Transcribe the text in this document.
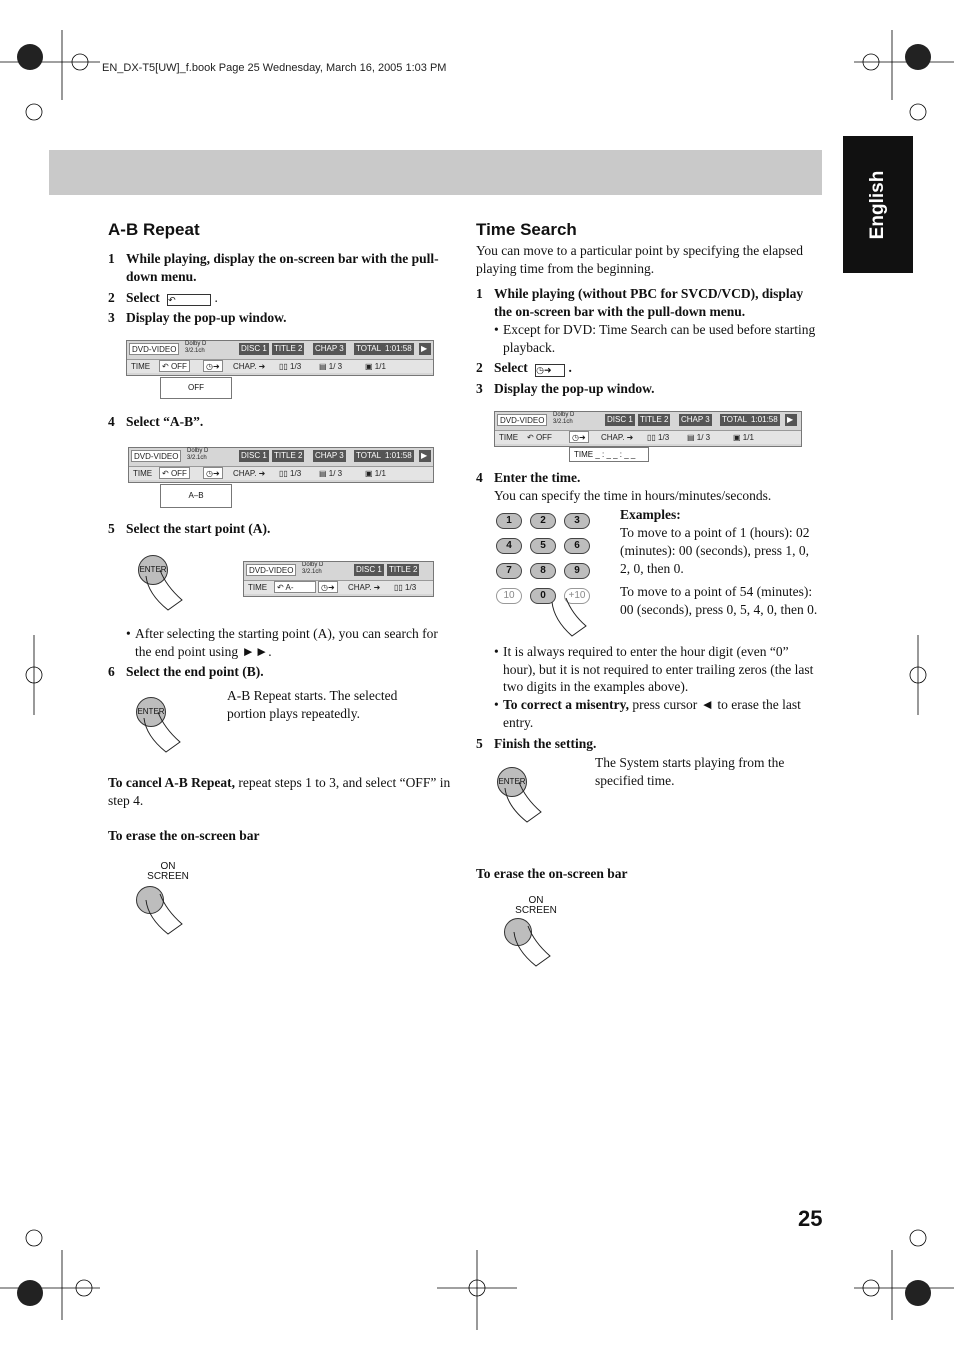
EN_DX-T5[UW]_f.book Page 25 Wednesday, March 16, 2005 1:03 PM
English
A-B Repeat
1 While playing, display the on-screen bar with the pull-down menu.
2 Select ↶	.
3 Display the pop-up window.
DVD-VIDEO
Dolby D 3/2.1ch	DISC 1 TITLE 2 CHAP 3 TOTAL 1:01:58 ▶
TIME	↶ OFF	◷➜	CHAP. ➜ ▯▯ 1/3 ▤ 1/ 3	▣ 1/1
OFF
4 Select “A-B”.
DVD-VIDEO
Dolby D 3/2.1ch	DISC 1 TITLE 2 CHAP 3 TOTAL 1:01:58 ▶
TIME	↶ OFF	◷➜	CHAP. ➜ ▯▯ 1/3 ▤ 1/ 3	▣ 1/1
A–B
5 Select the start point (A).
ENTER	DVD-VIDEO
Dolby D 3/2.1ch	DISC 1 TITLE 2
TIME	↶ A-	◷➜	CHAP. ➜ ▯▯ 1/3
• After selecting the starting point (A), you can search for the end point using ►►.
6 Select the end point (B).
ENTER
A-B Repeat starts. The selected portion plays repeatedly.
To cancel A-B Repeat, repeat steps 1 to 3, and select “OFF” in step 4.
To erase the on-screen bar
ON SCREEN
Time Search
You can move to a particular point by specifying the elapsed playing time from the beginning.
1 While playing (without PBC for SVCD/VCD), display the on-screen bar with the pull-down menu.
• Except for DVD: Time Search can be used before starting playback.
2 Select ◷➜ .
3 Display the pop-up window.
DVD-VIDEO
Dolby D 3/2.1ch	DISC 1 TITLE 2 CHAP 3 TOTAL 1:01:58 ▶
TIME ↶ OFF	◷➜	CHAP. ➜ ▯▯ 1/3 ▤ 1/ 3	▣ 1/1
TIME _ : _ _ : _ _
4 Enter the time.
You can specify the time in hours/minutes/seconds.
1	2	3
4	5	6
7	8	9
10	0	+10
Examples:
To move to a point of 1 (hours): 02 (minutes): 00 (seconds), press 1, 0, 2, 0, then 0.
To move to a point of 54 (minutes): 00 (seconds), press 0, 5, 4, 0, then 0.
• It is always required to enter the hour digit (even “0” hour), but it is not required to enter trailing zeros (the last two digits in the examples above).
• To correct a misentry, press cursor ◄ to erase the last entry.
5 Finish the setting.
ENTER
The System starts playing from the specified time.
To erase the on-screen bar
ON SCREEN
25
